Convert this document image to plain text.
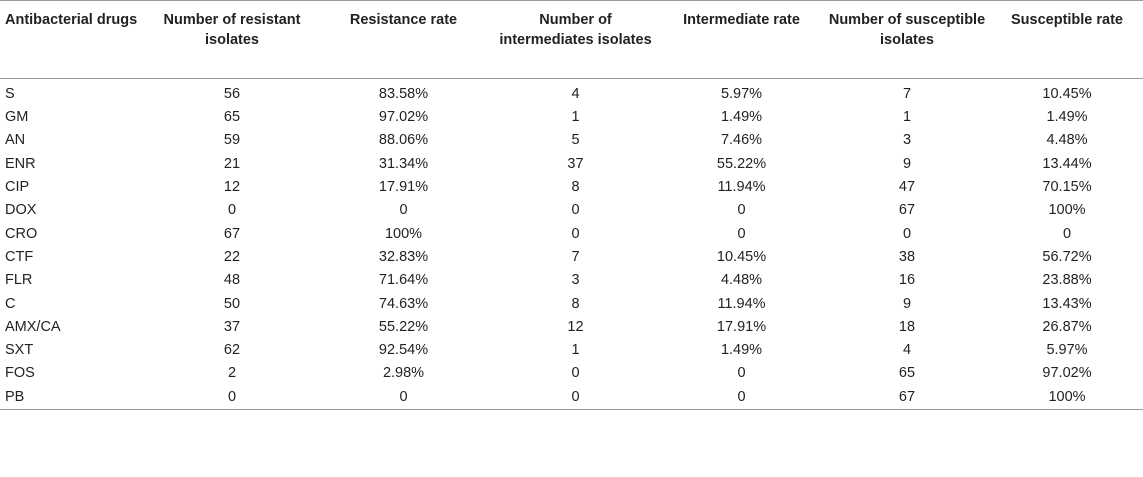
Antibacterial drugs	Number of resistant isolates	Resistance rate	Number of intermediates isolates	Intermediate rate	Number of susceptible isolates	Susceptible rate
S	56	83.58%	4	5.97%	7	10.45%
GM	65	97.02%	1	1.49%	1	1.49%
AN	59	88.06%	5	7.46%	3	4.48%
ENR	21	31.34%	37	55.22%	9	13.44%
CIP	12	17.91%	8	11.94%	47	70.15%
DOX	0	0	0	0	67	100%
CRO	67	100%	0	0	0	0
CTF	22	32.83%	7	10.45%	38	56.72%
FLR	48	71.64%	3	4.48%	16	23.88%
C	50	74.63%	8	11.94%	9	13.43%
AMX/CA	37	55.22%	12	17.91%	18	26.87%
SXT	62	92.54%	1	1.49%	4	5.97%
FOS	2	2.98%	0	0	65	97.02%
PB	0	0	0	0	67	100%
